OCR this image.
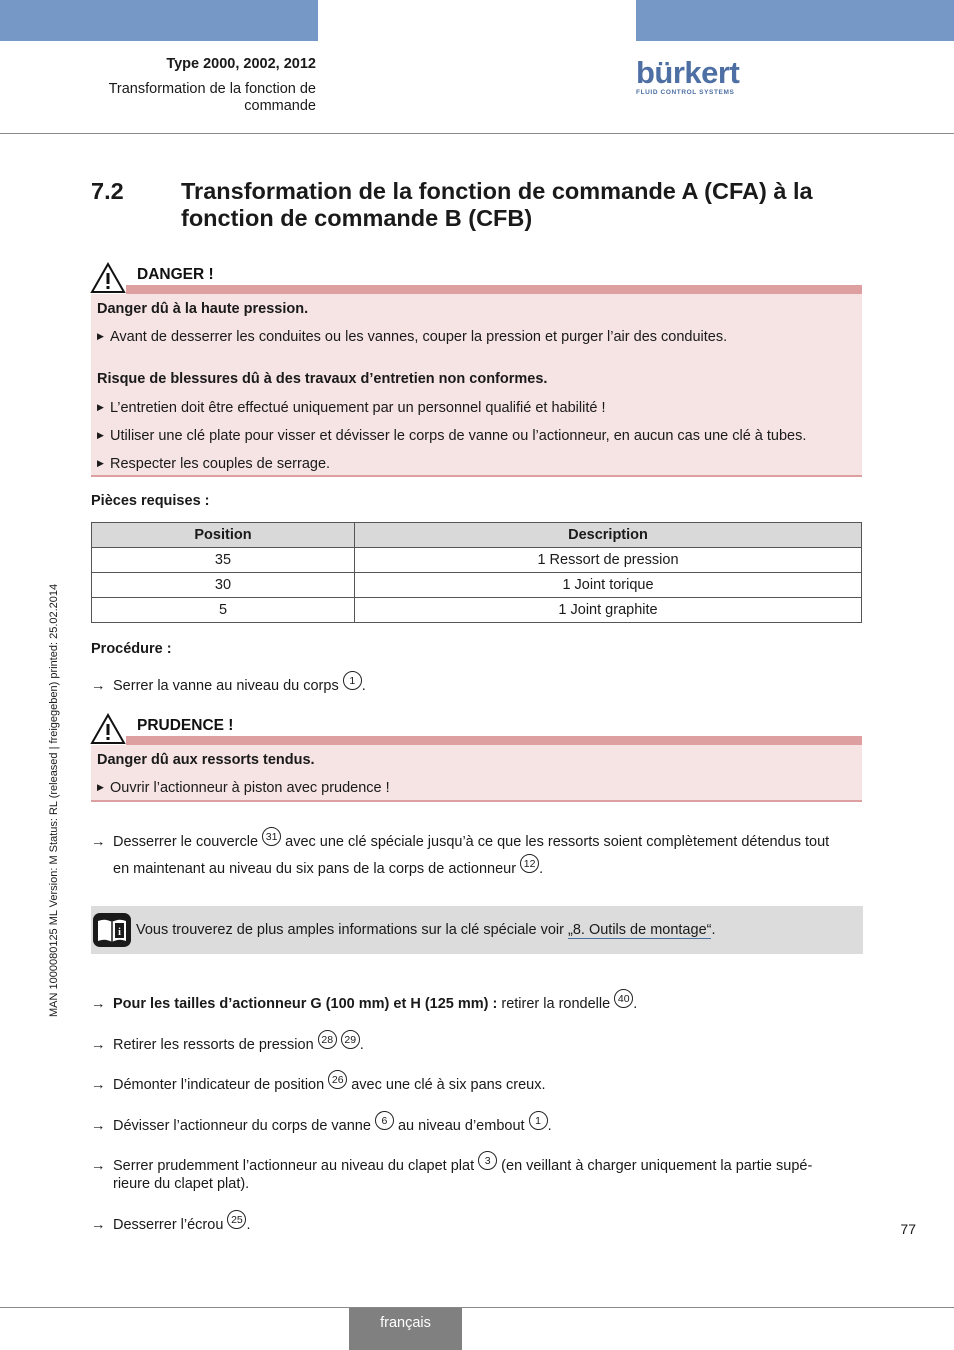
Type 2000, 2002, 2012
Transformation de la fonction de commande
bürkert
FLUID CONTROL SYSTEMS
7.2 Transformation de la fonction de commande A (CFA) à la fonction de commande B (CFB)
DANGER !
Danger dû à la haute pression.
▶ Avant de desserrer les conduites ou les vannes, couper la pression et purger l’air des conduites.
Risque de blessures dû à des travaux d’entretien non conformes.
▶ L’entretien doit être effectué uniquement par un personnel qualifié et habilité !
▶ Utiliser une clé plate pour visser et dévisser le corps de vanne ou l’actionneur, en aucun cas une clé à tubes.
▶ Respecter les couples de serrage.
Pièces requises :
Position	Description
35	1 Ressort de pression
30	1 Joint torique
5	1 Joint graphite
Procédure :
→ Serrer la vanne au niveau du corps 1 .
PRUDENCE !
Danger dû aux ressorts tendus.
▶ Ouvrir l’actionneur à piston avec prudence !
→ Desserrer le couvercle 31 avec une clé spéciale jusqu’à ce que les ressorts soient complètement détendus tout
en maintenant au niveau du six pans de la corps de actionneur 12 .
i Vous trouverez de plus amples informations sur la clé spéciale voir „8. Outils de montage“.
→ Pour les tailles d’actionneur G (100 mm) et H (125 mm) : retirer la rondelle 40 .
→ Retirer les ressorts de pression 28 29 .
→ Démonter l’indicateur de position 26 avec une clé à six pans creux.
→ Dévisser l’actionneur du corps de vanne 6 au niveau d’embout 1 .
→ Serrer prudemment l’actionneur au niveau du clapet plat 3 (en veillant à charger uniquement la partie supé-
rieure du clapet plat).
→ Desserrer l’écrou 25 .
MAN 1000080125 ML Version: M Status: RL (released | freigegeben) printed: 25.02.2014
77
français
